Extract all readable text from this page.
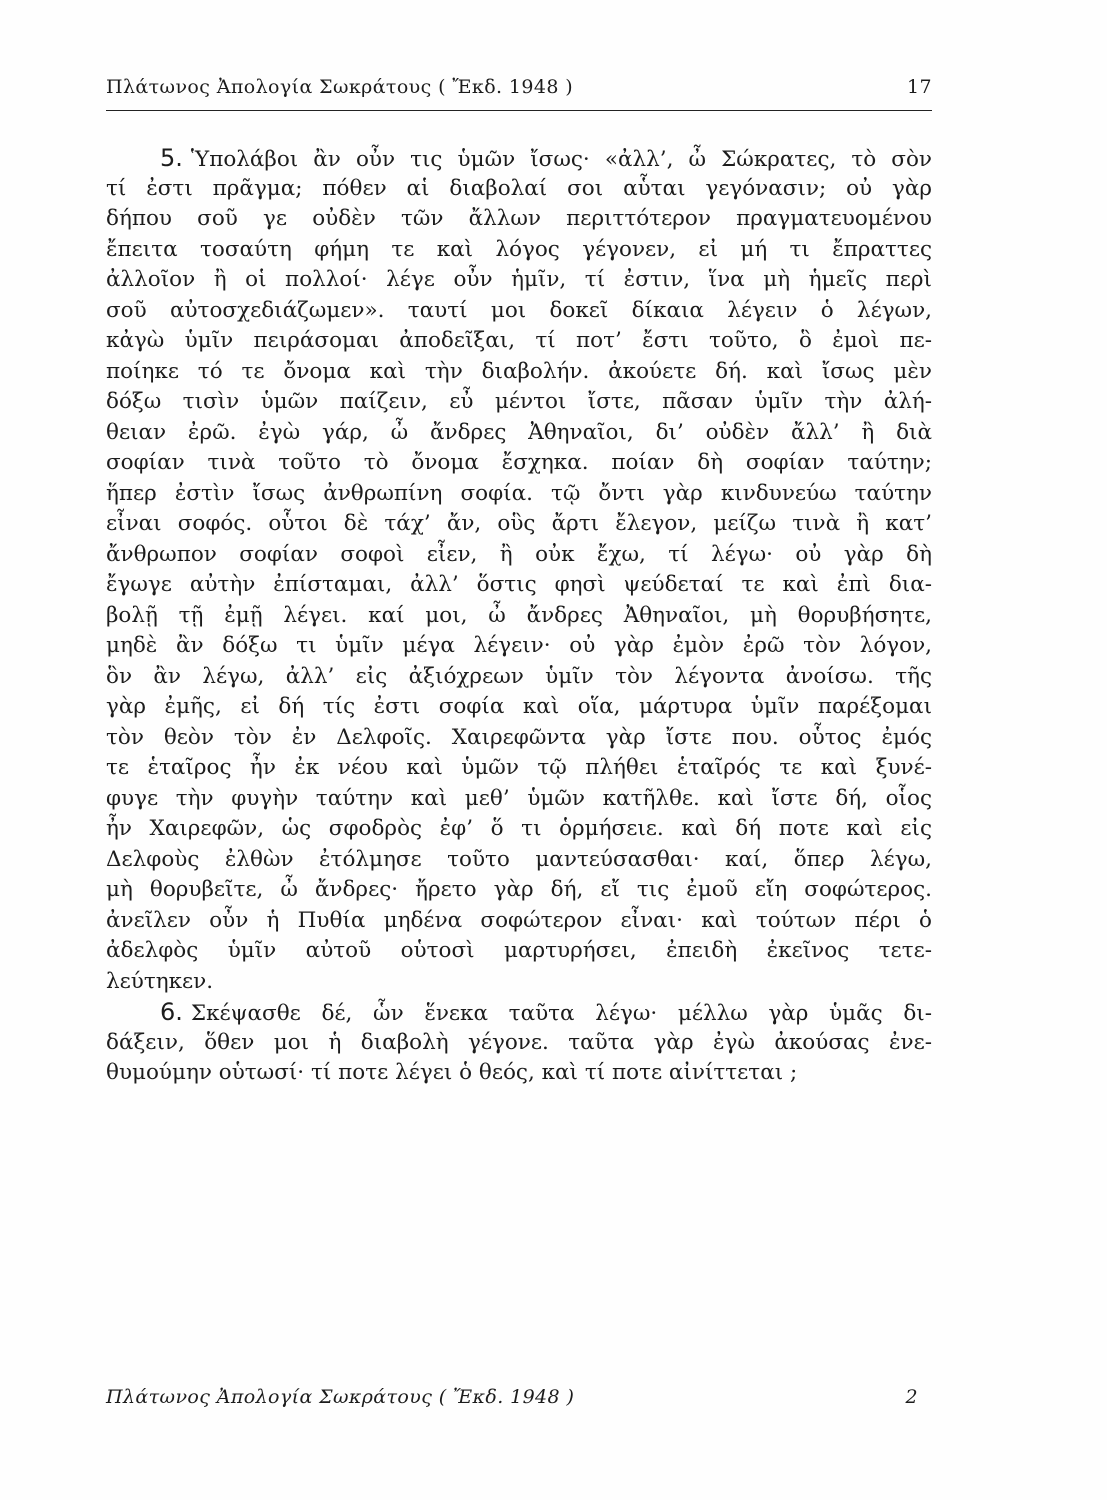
Πλάτωνος Ἀπολογία Σωκράτους ( Ἔκδ. 1948 )	17
5. Ὑπολάβοι ἂν οὖν τις ὑμῶν ἴσως· «ἀλλ’, ὦ Σώκρατες, τὸ σὸν
τί ἐστι πρᾶγμα; πόθεν αἱ διαβολαί σοι αὗται γεγόνασιν; οὐ γὰρ
δήπου σοῦ γε οὐδὲν τῶν ἄλλων περιττότερον πραγματευομένου
ἔπειτα τοσαύτη φήμη τε καὶ λόγος γέγονεν, εἰ μή τι ἔπραττες
ἀλλοῖον ἢ οἱ πολλοί· λέγε οὖν ἡμῖν, τί ἐστιν, ἵνα μὴ ἡμεῖς περὶ
σοῦ αὐτοσχεδιάζωμεν». ταυτί μοι δοκεῖ δίκαια λέγειν ὁ λέγων,
κἀγὼ ὑμῖν πειράσομαι ἀποδεῖξαι, τί ποτ’ ἔστι τοῦτο, ὃ ἐμοὶ πε-
ποίηκε τό τε ὄνομα καὶ τὴν διαβολήν. ἀκούετε δή. καὶ ἴσως μὲν
δόξω τισὶν ὑμῶν παίζειν, εὖ μέντοι ἴστε, πᾶσαν ὑμῖν τὴν ἀλή-
θειαν ἐρῶ. ἐγὼ γάρ, ὦ ἄνδρες Ἀθηναῖοι, δι’ οὐδὲν ἄλλ’ ἢ διὰ
σοφίαν τινὰ τοῦτο τὸ ὄνομα ἔσχηκα. ποίαν δὴ σοφίαν ταύτην;
ἥπερ ἐστὶν ἴσως ἀνθρωπίνη σοφία. τῷ ὄντι γὰρ κινδυνεύω ταύτην
εἶναι σοφός. οὗτοι δὲ τάχ’ ἄν, οὓς ἄρτι ἔλεγον, μείζω τινὰ ἢ κατ’
ἄνθρωπον σοφίαν σοφοὶ εἶεν, ἢ οὐκ ἔχω, τί λέγω· οὐ γὰρ δὴ
ἔγωγε αὐτὴν ἐπίσταμαι, ἀλλ’ ὅστις φησὶ ψεύδεταί τε καὶ ἐπὶ δια-
βολῇ τῇ ἐμῇ λέγει. καί μοι, ὦ ἄνδρες Ἀθηναῖοι, μὴ θορυβήσητε,
μηδὲ ἂν δόξω τι ὑμῖν μέγα λέγειν· οὐ γὰρ ἐμὸν ἐρῶ τὸν λόγον,
ὃν ἂν λέγω, ἀλλ’ εἰς ἀξιόχρεων ὑμῖν τὸν λέγοντα ἀνοίσω. τῆς
γὰρ ἐμῆς, εἰ δή τίς ἐστι σοφία καὶ οἵα, μάρτυρα ὑμῖν παρέξομαι
τὸν θεὸν τὸν ἐν Δελφοῖς. Χαιρεφῶντα γὰρ ἴστε που. οὗτος ἐμός
τε ἑταῖρος ἦν ἐκ νέου καὶ ὑμῶν τῷ πλήθει ἑταῖρός τε καὶ ξυνέ-
φυγε τὴν φυγὴν ταύτην καὶ μεθ’ ὑμῶν κατῆλθε. καὶ ἴστε δή, οἷος
ἦν Χαιρεφῶν, ὡς σφοδρὸς ἐφ’ ὅ τι ὁρμήσειε. καὶ δή ποτε καὶ εἰς
Δελφοὺς ἐλθὼν ἐτόλμησε τοῦτο μαντεύσασθαι· καί, ὅπερ λέγω,
μὴ θορυβεῖτε, ὦ ἄνδρες· ἤρετο γὰρ δή, εἴ τις ἐμοῦ εἴη σοφώτερος.
ἀνεῖλεν οὖν ἡ Πυθία μηδένα σοφώτερον εἶναι· καὶ τούτων πέρι ὁ
ἀδελφὸς ὑμῖν αὐτοῦ οὑτοσὶ μαρτυρήσει, ἐπειδὴ ἐκεῖνος τετε-
λεύτηκεν.
6. Σκέψασθε δέ, ὧν ἕνεκα ταῦτα λέγω· μέλλω γὰρ ὑμᾶς δι-
δάξειν, ὅθεν μοι ἡ διαβολὴ γέγονε. ταῦτα γὰρ ἐγὼ ἀκούσας ἐνε-
θυμούμην οὑτωσί· τί ποτε λέγει ὁ θεός, καὶ τί ποτε αἰνίττεται ;
Πλάτωνος Ἀπολογία Σωκράτους ( Ἔκδ. 1948 )	2
